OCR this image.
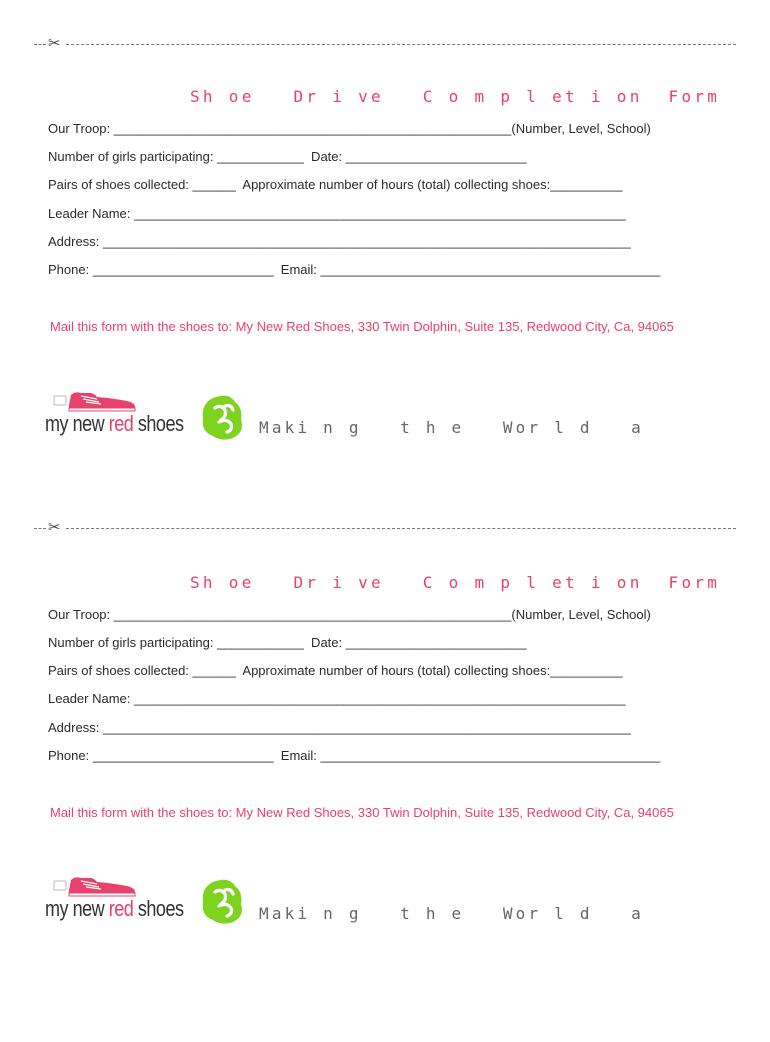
✂
Sh oe   Dr i ve   C o m p l et i on  Form

Our Troop: _______________________________________________________(Number, Level, School)

Number of girls participating: ____________  Date: _________________________

Pairs of shoes collected: ______  Approximate number of hours (total) collecting shoes:__________

Leader Name: ____________________________________________________________________

Address: _________________________________________________________________________

Phone: _________________________  Email: _______________________________________________

Mail this form with the shoes to: My New Red Shoes, 330 Twin Dolphin, Suite 135, Redwood City, Ca, 94065

my new red shoes	Maki n g   t h e   Wor l d   a

✂
Sh oe   Dr i ve   C o m p l et i on  Form

Our Troop: _______________________________________________________(Number, Level, School)

Number of girls participating: ____________  Date: _________________________

Pairs of shoes collected: ______  Approximate number of hours (total) collecting shoes:__________

Leader Name: ____________________________________________________________________

Address: _________________________________________________________________________

Phone: _________________________  Email: _______________________________________________

Mail this form with the shoes to: My New Red Shoes, 330 Twin Dolphin, Suite 135, Redwood City, Ca, 94065

my new red shoes	Maki n g   t h e   Wor l d   a
